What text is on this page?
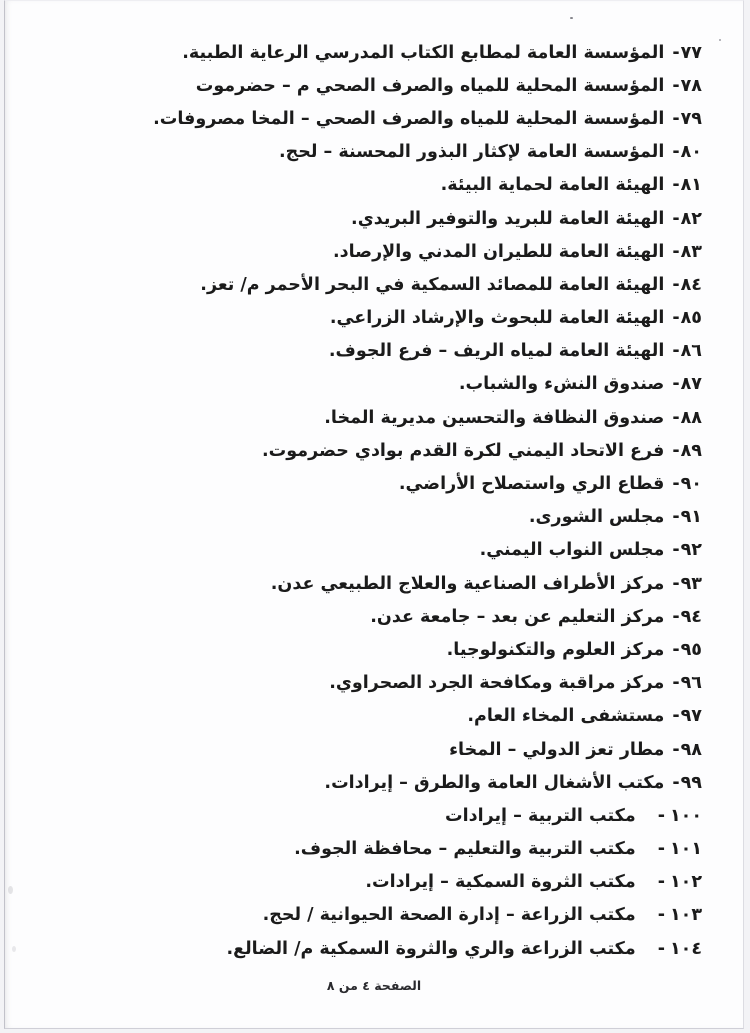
٧٧
-
المؤسسة العامة لمطابع الكتاب المدرسي الرعاية الطبية.
٧٨
-
المؤسسة المحلية للمياه والصرف الصحي م – حضرموت
٧٩
-
المؤسسة المحلية للمياه والصرف الصحي – المخا مصروفات.
٨٠
-
المؤسسة العامة لإكثار البذور المحسنة – لحج.
٨١
-
الهيئة العامة لحماية البيئة.
٨٢
-
الهيئة العامة للبريد والتوفير البريدي.
٨٣
-
الهيئة العامة للطيران المدني والإرصاد.
٨٤
-
الهيئة العامة للمصائد السمكية في البحر الأحمر م/ تعز.
٨٥
-
الهيئة العامة للبحوث والإرشاد الزراعي.
٨٦
-
الهيئة العامة لمياه الريف – فرع الجوف.
٨٧
-
صندوق النشء والشباب.
٨٨
-
صندوق النظافة والتحسين مديرية المخا.
٨٩
-
فرع الاتحاد اليمني لكرة القدم بوادي حضرموت.
٩٠
-
قطاع الري واستصلاح الأراضي.
٩١
-
مجلس الشورى.
٩٢
-
مجلس النواب اليمني.
٩٣
-
مركز الأطراف الصناعية والعلاج الطبيعي عدن.
٩٤
-
مركز التعليم عن بعد – جامعة عدن.
٩٥
-
مركز العلوم والتكنولوجيا.
٩٦
-
مركز مراقبة ومكافحة الجرد الصحراوي.
٩٧
-
مستشفى المخاء العام.
٩٨
-
مطار تعز الدولي – المخاء
٩٩
-
مكتب الأشغال العامة والطرق – إيرادات.
١٠٠
-
مكتب التربية – إيرادات
١٠١
-
مكتب التربية والتعليم – محافظة الجوف.
١٠٢
-
مكتب الثروة السمكية – إيرادات.
١٠٣
-
مكتب الزراعة – إدارة الصحة الحيوانية / لحج.
١٠٤
-
مكتب الزراعة والري والثروة السمكية م/ الضالع.
الصفحة ٤ من ٨
